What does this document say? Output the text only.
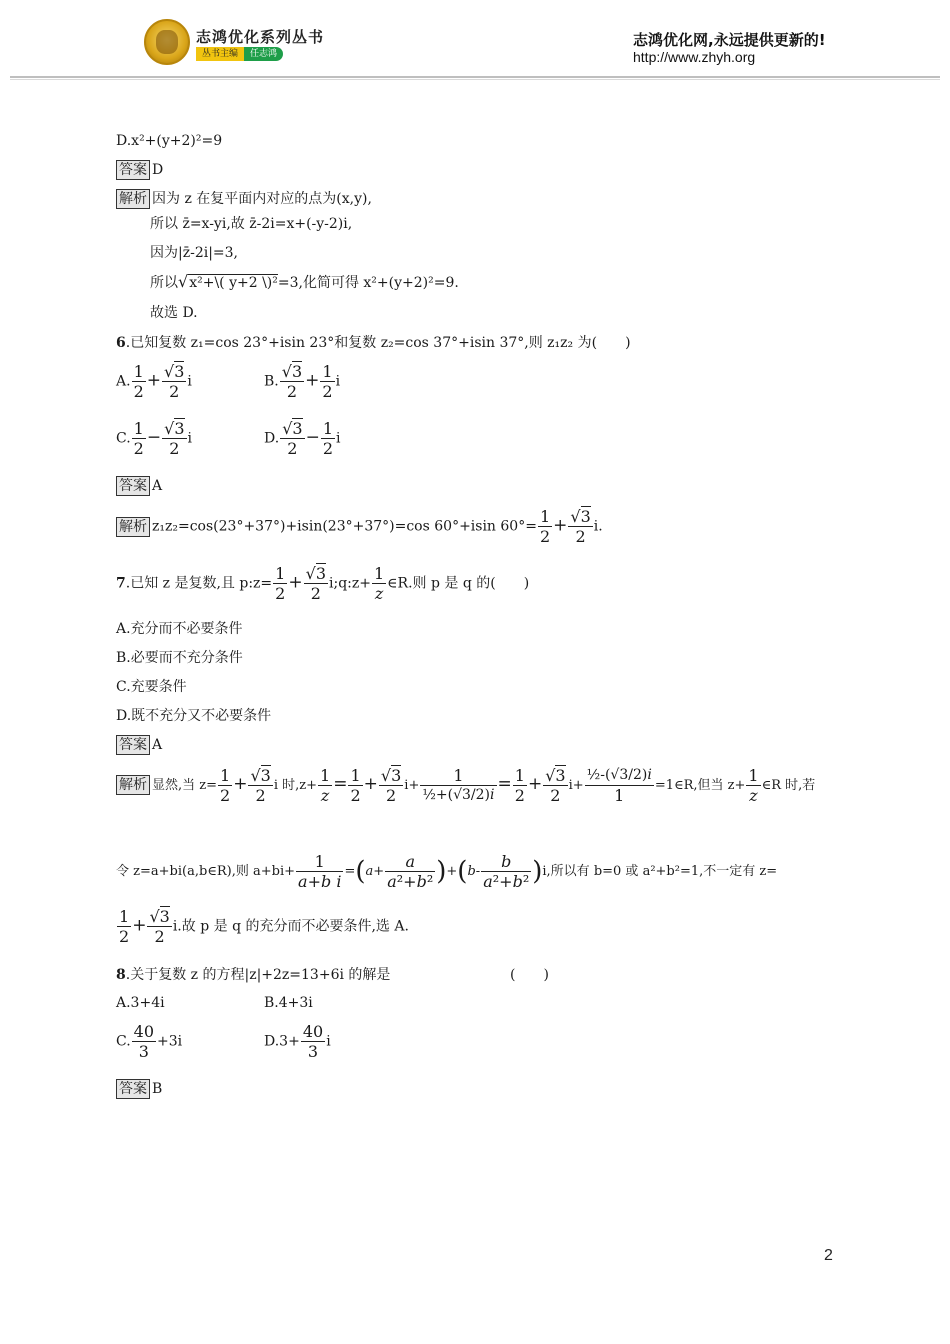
志鸿优化系列丛书
丛书主编	任志鸿
志鸿优化网,永远提供更新的!
http://www.zhyh.org
D.x²+(y+2)²=9
答案 D
解析 因为 z 在复平面内对应的点为(x,y),
所以 z̄=x-yi,故 z̄-2i=x+(-y-2)i,
因为|z̄-2i|=3,
所以√x²+\( y+2 \)²=3,化简可得 x²+(y+2)²=9.
故选 D.
6.已知复数 z₁=cos 23°+isin 23°和复数 z₂=cos 37°+isin 37°,则 z₁z₂ 为(　　)
A. $\frac{1}{2} + \frac{√3}{2}$ i	B. $\frac{√3}{2} + \frac{1}{2}$ i
C. $\frac{1}{2} - \frac{√3}{2}$ i	D. $\frac{√3}{2} - \frac{1}{2}$ i
答案 A
解析 z₁z₂=cos(23°+37°)+isin(23°+37°)=cos 60°+isin $60^\circ= \frac{1}{2} + \frac{√3}{2} i$.
7.已知 z 是复数,且 p:z= $\frac{1}{2} + \frac{√3}{2}$ i;q:z+ $\frac{1}{z}$ ∈R.则 p 是 q 的(　　)
A.充分而不必要条件
B.必要而不充分条件
C.充要条件
D.既不充分又不必要条件
答案 A
解析 显然,当 $z= \frac{1}{2} + \frac{√3}{2}$ i 时$,z+ \frac{1}{z} = \frac{1}{2} + \frac{√3}{2} i+ \frac{1}{\text{½+(√3/2)i}} = \frac{1}{2} + \frac{√3}{2} i+ \frac{\text{½-(√3/2)i}}{1}$ =1∈R,但当 $z+ \frac{1}{z}$ ∈R 时,若
令 z=a+bi(a,b∈R),则 $a+bi+ \frac{1}{\text{a+b i}} =(a+ \frac{a}{\text{a²+b²}} )+(b- \frac{b}{\text{a²+b²}} )i$,所以有 b=0 或 a²+b²=1,不一定有 z=
$\frac{1}{2} + \frac{√3}{2} i$.故 p 是 q 的充分而不必要条件,选 A.
8.关于复数 z 的方程|z|+2z=13+6i 的解是	(　　)
A.3+4i	B.4+3i
C. $\frac{40}{3} +3i$	$D.3+ \frac{40}{3}$ i
答案 B
2
